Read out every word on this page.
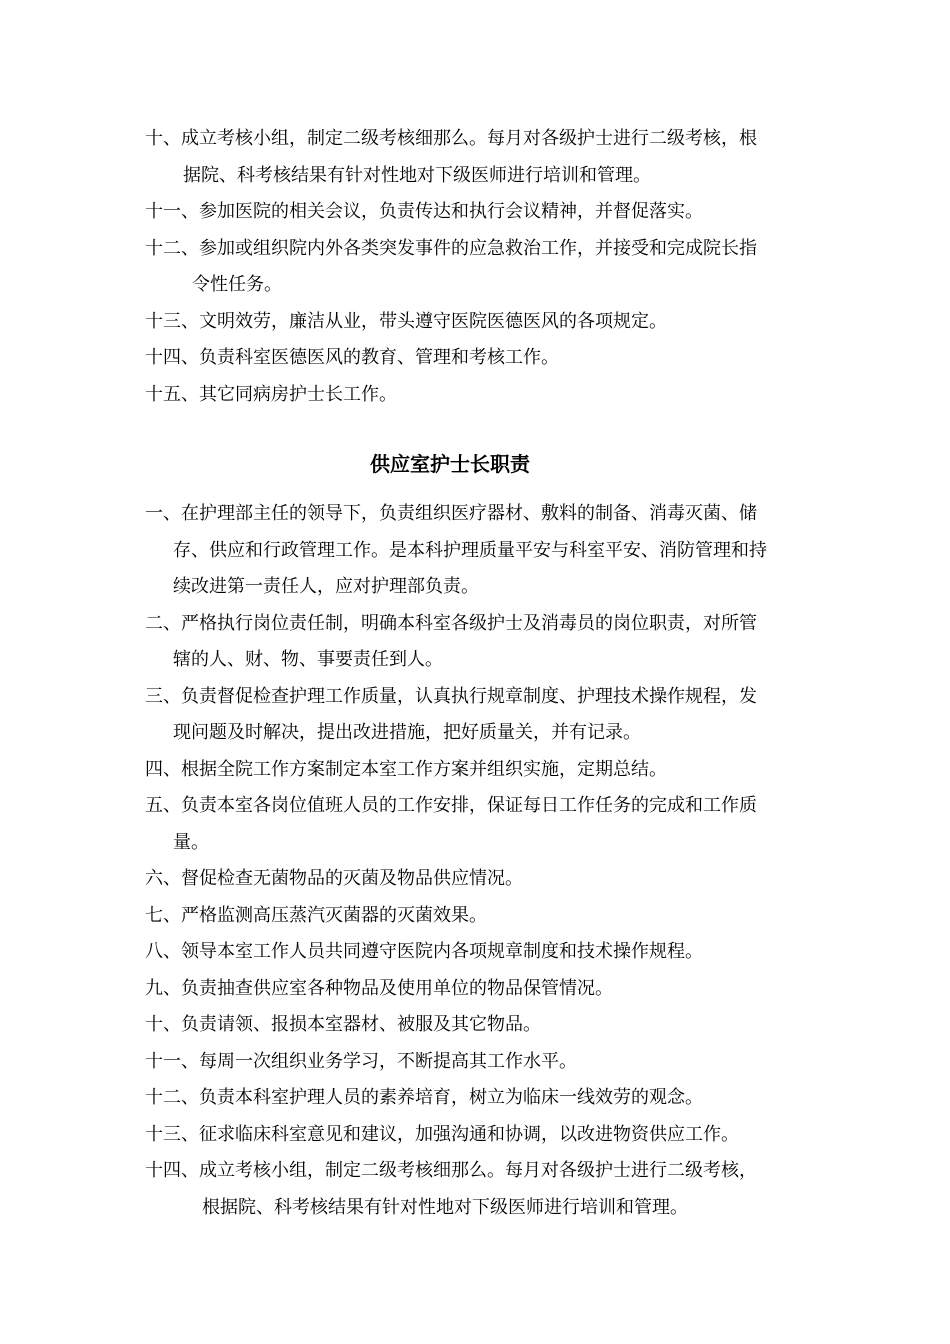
十、成立考核小组，制定二级考核细那么。每月对各级护士进行二级考核，根
据院、科考核结果有针对性地对下级医师进行培训和管理。
十一、参加医院的相关会议，负责传达和执行会议精神，并督促落实。
十二、参加或组织院内外各类突发事件的应急救治工作，并接受和完成院长指
令性任务。
十三、文明效劳，廉洁从业，带头遵守医院医德医风的各项规定。
十四、负责科室医德医风的教育、管理和考核工作。
十五、其它同病房护士长工作。
供应室护士长职责
一、在护理部主任的领导下，负责组织医疗器材、敷料的制备、消毒灭菌、储
存、供应和行政管理工作。是本科护理质量平安与科室平安、消防管理和持
续改进第一责任人，应对护理部负责。
二、严格执行岗位责任制，明确本科室各级护士及消毒员的岗位职责，对所管
辖的人、财、物、事要责任到人。
三、负责督促检查护理工作质量，认真执行规章制度、护理技术操作规程，发
现问题及时解决，提出改进措施，把好质量关，并有记录。
四、根据全院工作方案制定本室工作方案并组织实施，定期总结。
五、负责本室各岗位值班人员的工作安排，保证每日工作任务的完成和工作质
量。
六、督促检查无菌物品的灭菌及物品供应情况。
七、严格监测高压蒸汽灭菌器的灭菌效果。
八、领导本室工作人员共同遵守医院内各项规章制度和技术操作规程。
九、负责抽查供应室各种物品及使用单位的物品保管情况。
十、负责请领、报损本室器材、被服及其它物品。
十一、每周一次组织业务学习，不断提高其工作水平。
十二、负责本科室护理人员的素养培育，树立为临床一线效劳的观念。
十三、征求临床科室意见和建议，加强沟通和协调，以改进物资供应工作。
十四、成立考核小组，制定二级考核细那么。每月对各级护士进行二级考核，
根据院、科考核结果有针对性地对下级医师进行培训和管理。
